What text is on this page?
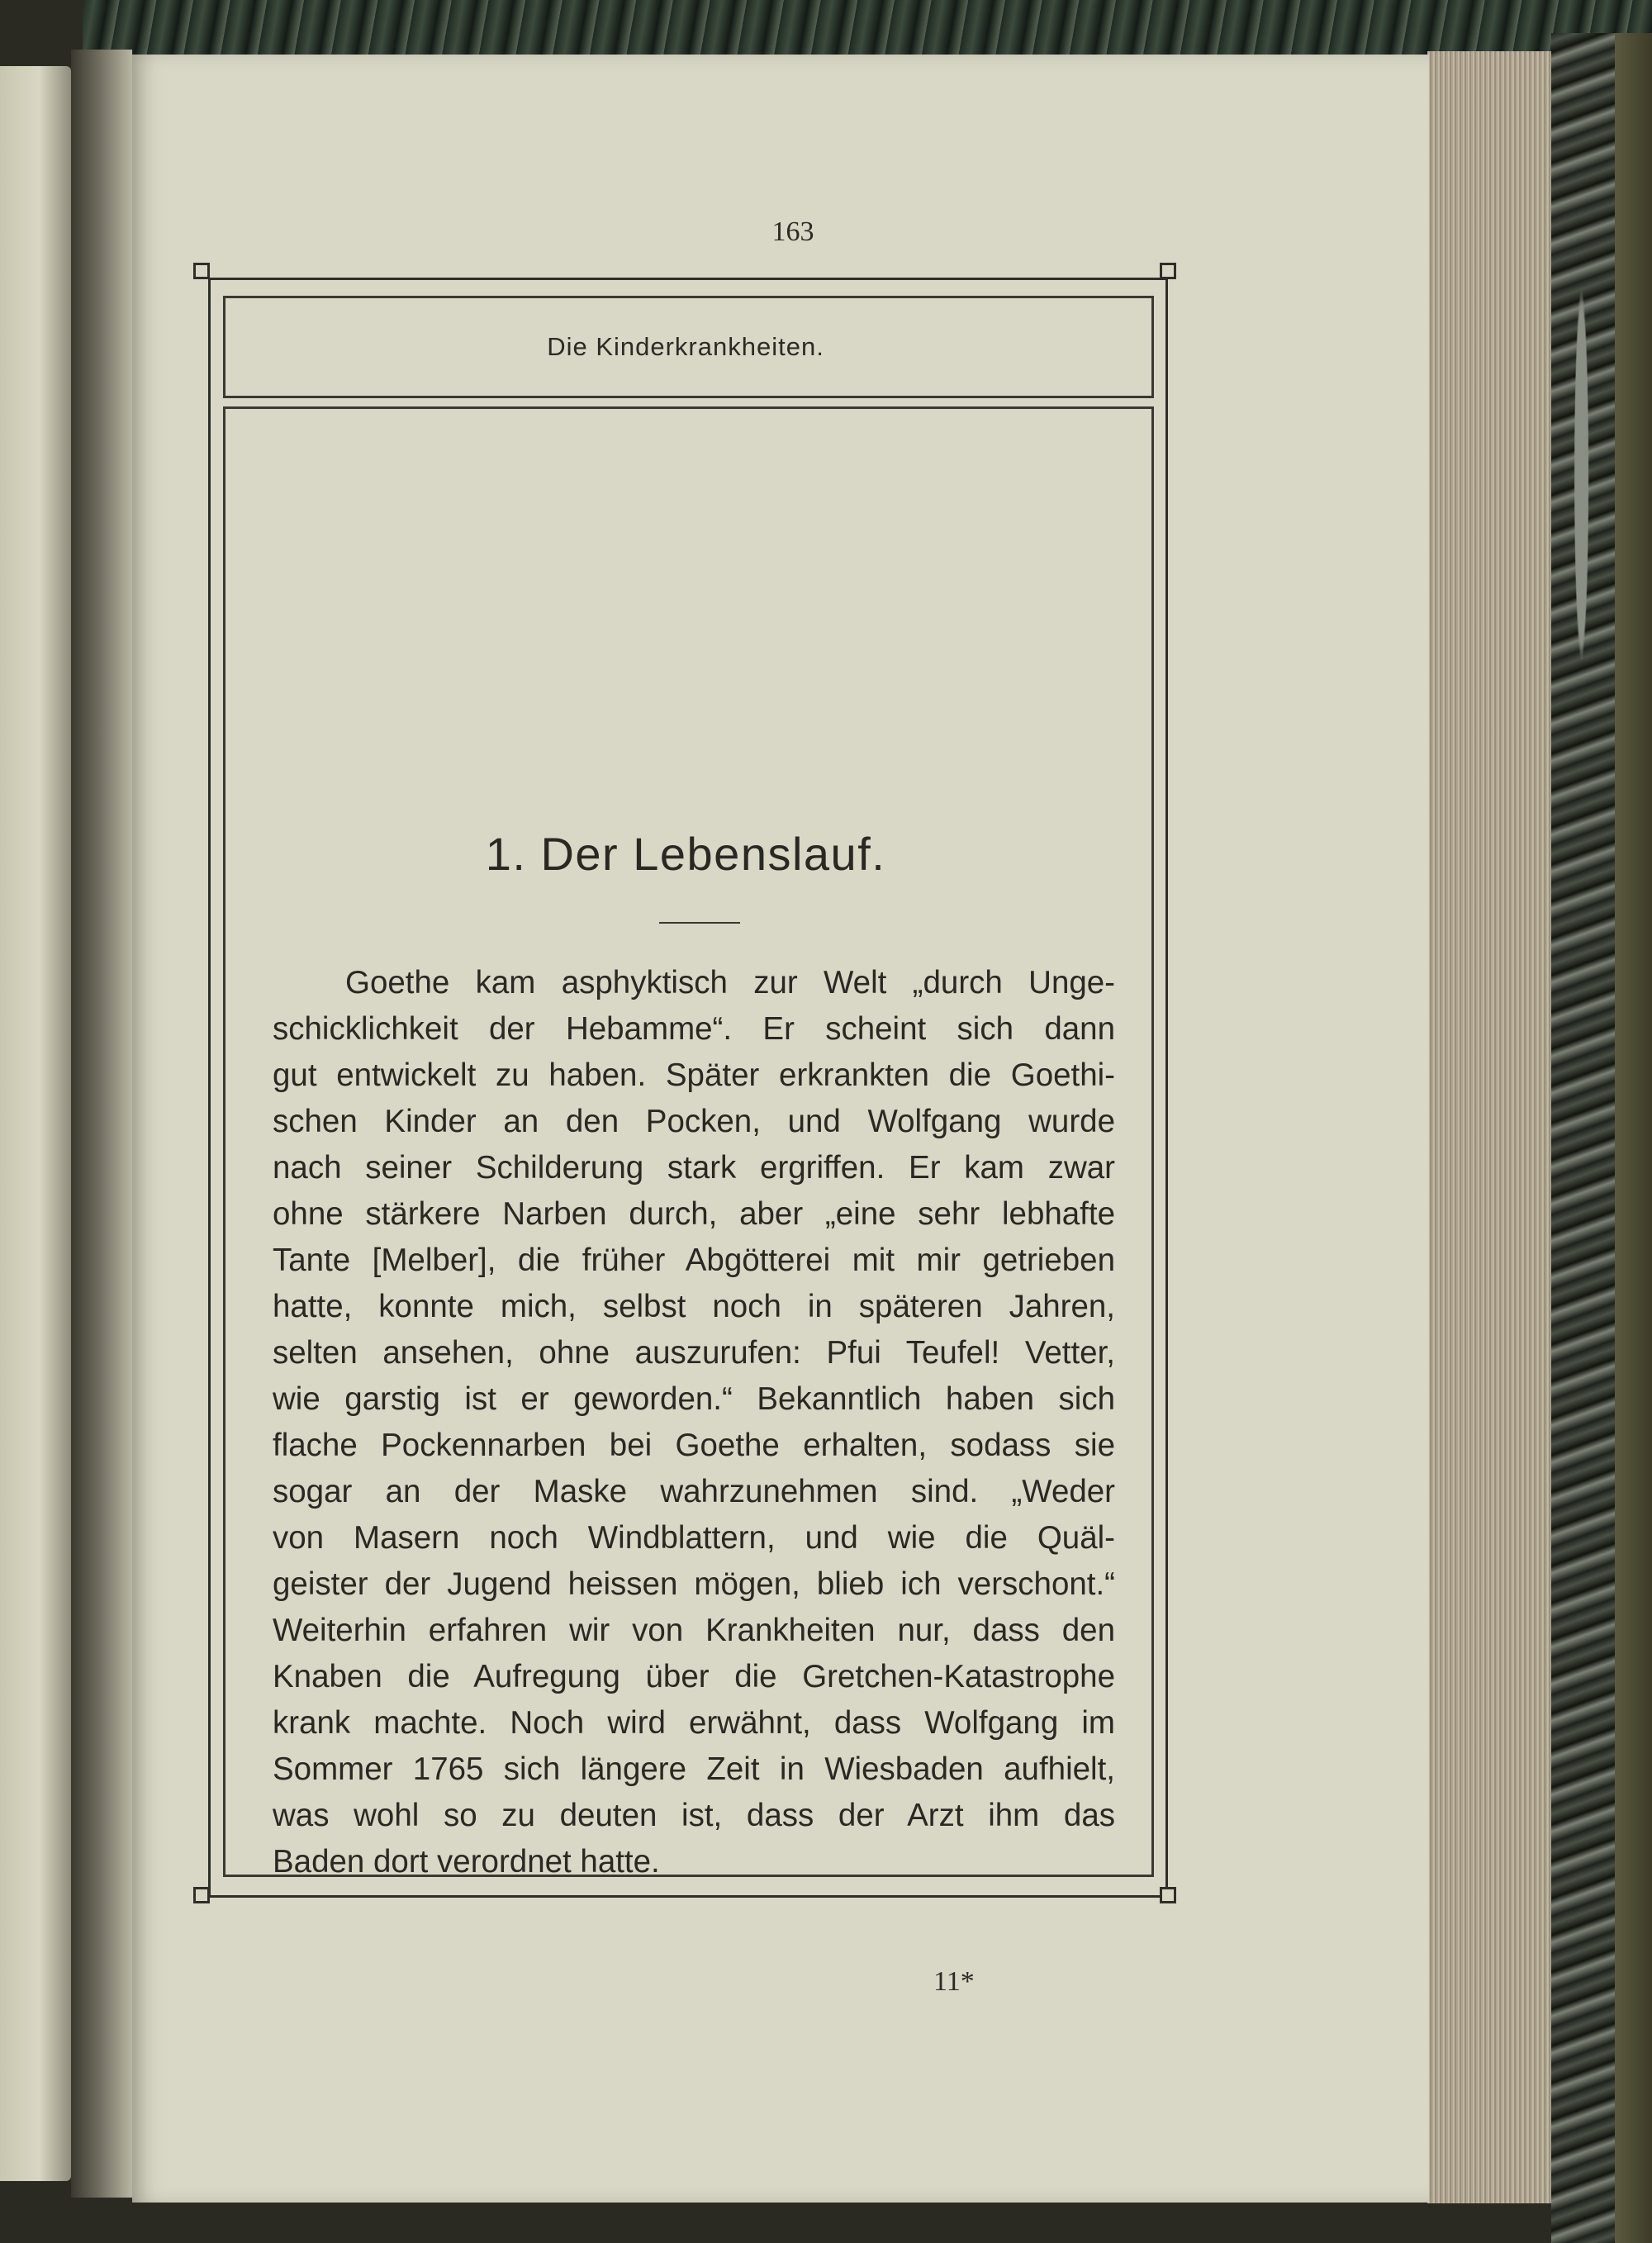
163
Die Kinderkrankheiten.
1. Der Lebenslauf.
Goethe kam asphyktisch zur Welt „durch Unge-
schicklichkeit der Hebamme“. Er scheint sich dann
gut entwickelt zu haben. Später erkrankten die Goethi-
schen Kinder an den Pocken, und Wolfgang wurde
nach seiner Schilderung stark ergriffen. Er kam zwar
ohne stärkere Narben durch, aber „eine sehr lebhafte
Tante [Melber], die früher Abgötterei mit mir getrieben
hatte, konnte mich, selbst noch in späteren Jahren,
selten ansehen, ohne auszurufen: Pfui Teufel! Vetter,
wie garstig ist er geworden.“ Bekanntlich haben sich
flache Pockennarben bei Goethe erhalten, sodass sie
sogar an der Maske wahrzunehmen sind. „Weder
von Masern noch Windblattern, und wie die Quäl-
geister der Jugend heissen mögen, blieb ich verschont.“
Weiterhin erfahren wir von Krankheiten nur, dass den
Knaben die Aufregung über die Gretchen-Katastrophe
krank machte. Noch wird erwähnt, dass Wolfgang im
Sommer 1765 sich längere Zeit in Wiesbaden aufhielt,
was wohl so zu deuten ist, dass der Arzt ihm das
Baden dort verordnet hatte.
11*
